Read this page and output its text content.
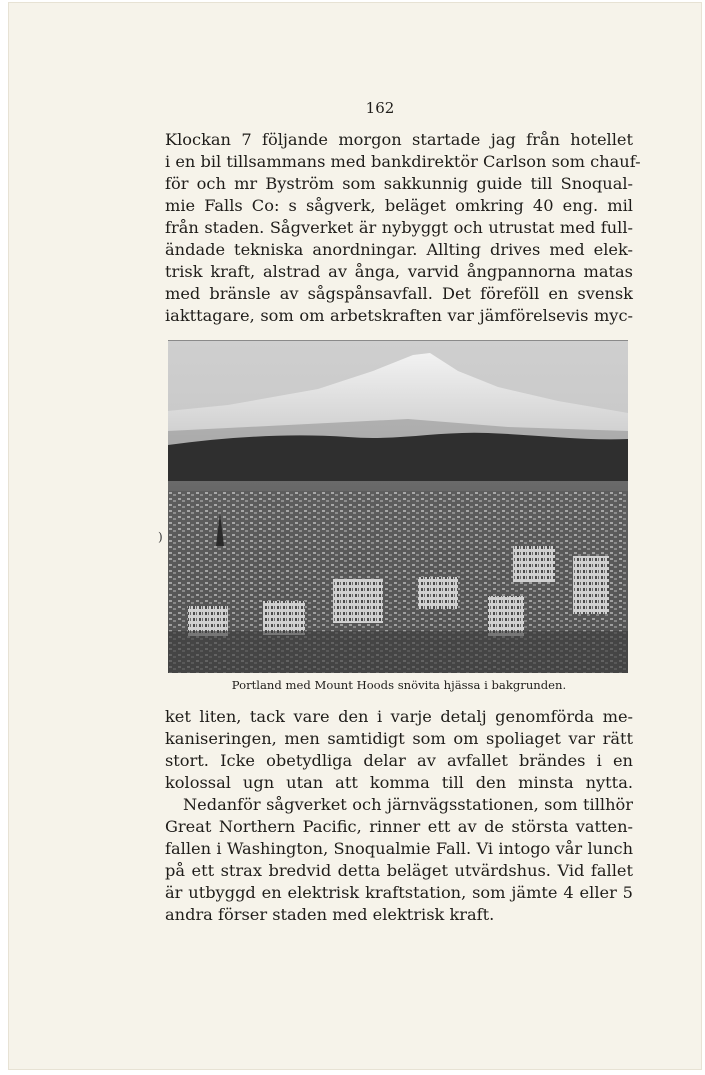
162
Klockan 7 följande morgon startade jag från hotellet
i en bil tillsammans med bankdirektör Carlson som chauf-
för och mr Byström som sakkunnig guide till Snoqual-
mie Falls Co: s sågverk, beläget omkring 40 eng. mil
från staden. Sågverket är nybyggt och utrustat med full-
ändade tekniska anordningar. Allting drives med elek-
trisk kraft, alstrad av ånga, varvid ångpannorna matas
med bränsle av sågspånsavfall. Det föreföll en svensk
iakttagare, som om arbetskraften var jämförelsevis myc-
)
Portland med Mount Hoods snövita hjässa i bakgrunden.
ket liten, tack vare den i varje detalj genomförda me-
kaniseringen, men samtidigt som om spoliaget var rätt
stort. Icke obetydliga delar av avfallet brändes i en
kolossal ugn utan att komma till den minsta nytta.
Nedanför sågverket och järnvägsstationen, som tillhör
Great Northern Pacific, rinner ett av de största vatten-
fallen i Washington, Snoqualmie Fall. Vi intogo vår lunch
på ett strax bredvid detta beläget utvärdshus. Vid fallet
är utbyggd en elektrisk kraftstation, som jämte 4 eller 5
andra förser staden med elektrisk kraft.
